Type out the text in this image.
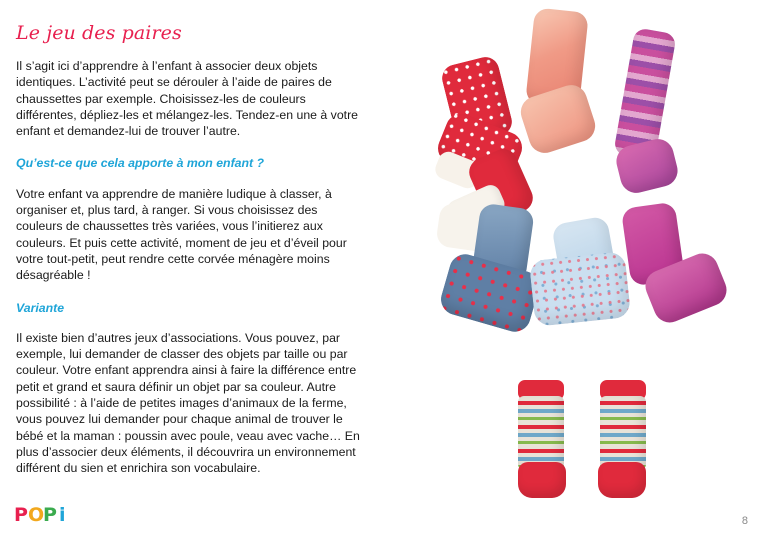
Le jeu des paires

Il s’agit ici d’apprendre à l’enfant à associer deux objets identiques. L’activité peut se dérouler à l’aide de paires de chaussettes par exemple. Choisissez-les de couleurs différentes, dépliez-les et mélangez-les. Tendez-en une à votre enfant et demandez-lui de trouver l’autre.

Qu’est-ce que cela apporte à mon enfant ?

Votre enfant va apprendre de manière ludique à classer, à organiser et, plus tard, à ranger. Si vous choisissez des couleurs de chaussettes très variées, vous l’initierez aux couleurs. Et puis cette activité, moment de jeu et d’éveil pour votre tout-petit, peut rendre cette corvée ménagère moins désagréable !

Variante

Il existe bien d’autres jeux d’associations. Vous pouvez, par exemple, lui demander de classer des objets par taille ou par couleur. Votre enfant apprendra ainsi à faire la différence entre petit et grand et saura définir un objet par sa couleur. Autre possibilité : à l’aide de petites images d’animaux de la ferme, vous pouvez lui demander pour chaque animal de trouver le bébé et la maman : poussin avec poule, veau avec vache… En plus d’associer deux éléments, il découvrira un environnement différent du sien et enrichira son vocabulaire.

P O
P i	8
